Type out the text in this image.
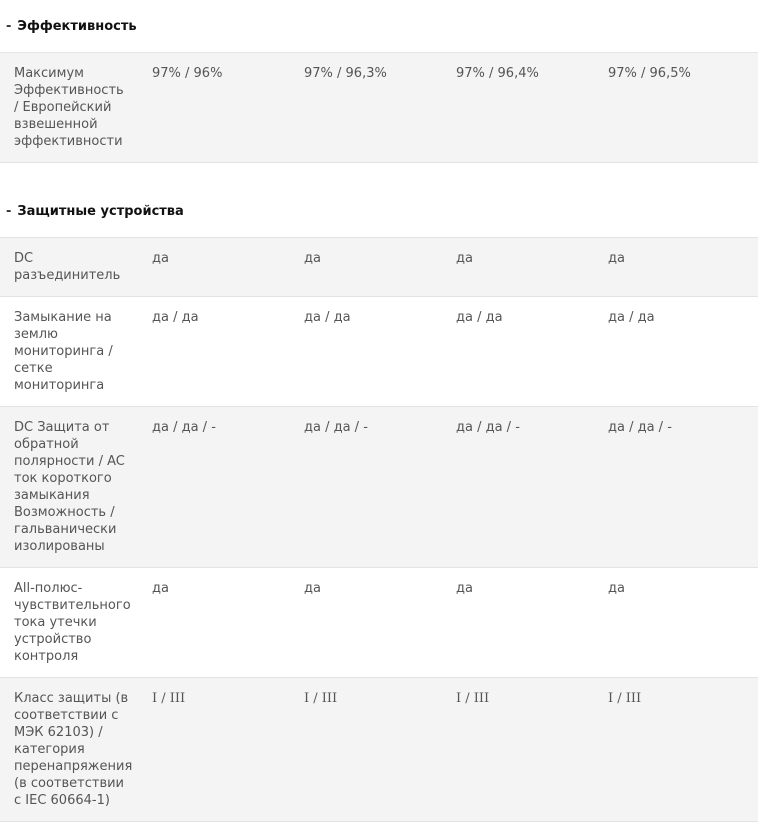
- Эффективность
Максимум Эффективность / Европейский взвешенной эффективности	97% / 96%	97% / 96,3%	97% / 96,4%	97% / 96,5%
- Защитные устройства
DC разъединитель	да	да	да	да
Замыкание на землю мониторинга / сетке мониторинга	да / да	да / да	да / да	да / да
DC Защита от обратной полярности / AC ток короткого замыкания Возможность / гальванически изолированы	да / да / -	да / да / -	да / да / -	да / да / -
All-полюс-чувствительного тока утечки устройство контроля	да	да	да	да
Класс защиты (в соответствии с МЭК 62103) / категория перенапряжения (в соответствии с IEC 60664-1)	I / III	I / III	I / III	I / III
